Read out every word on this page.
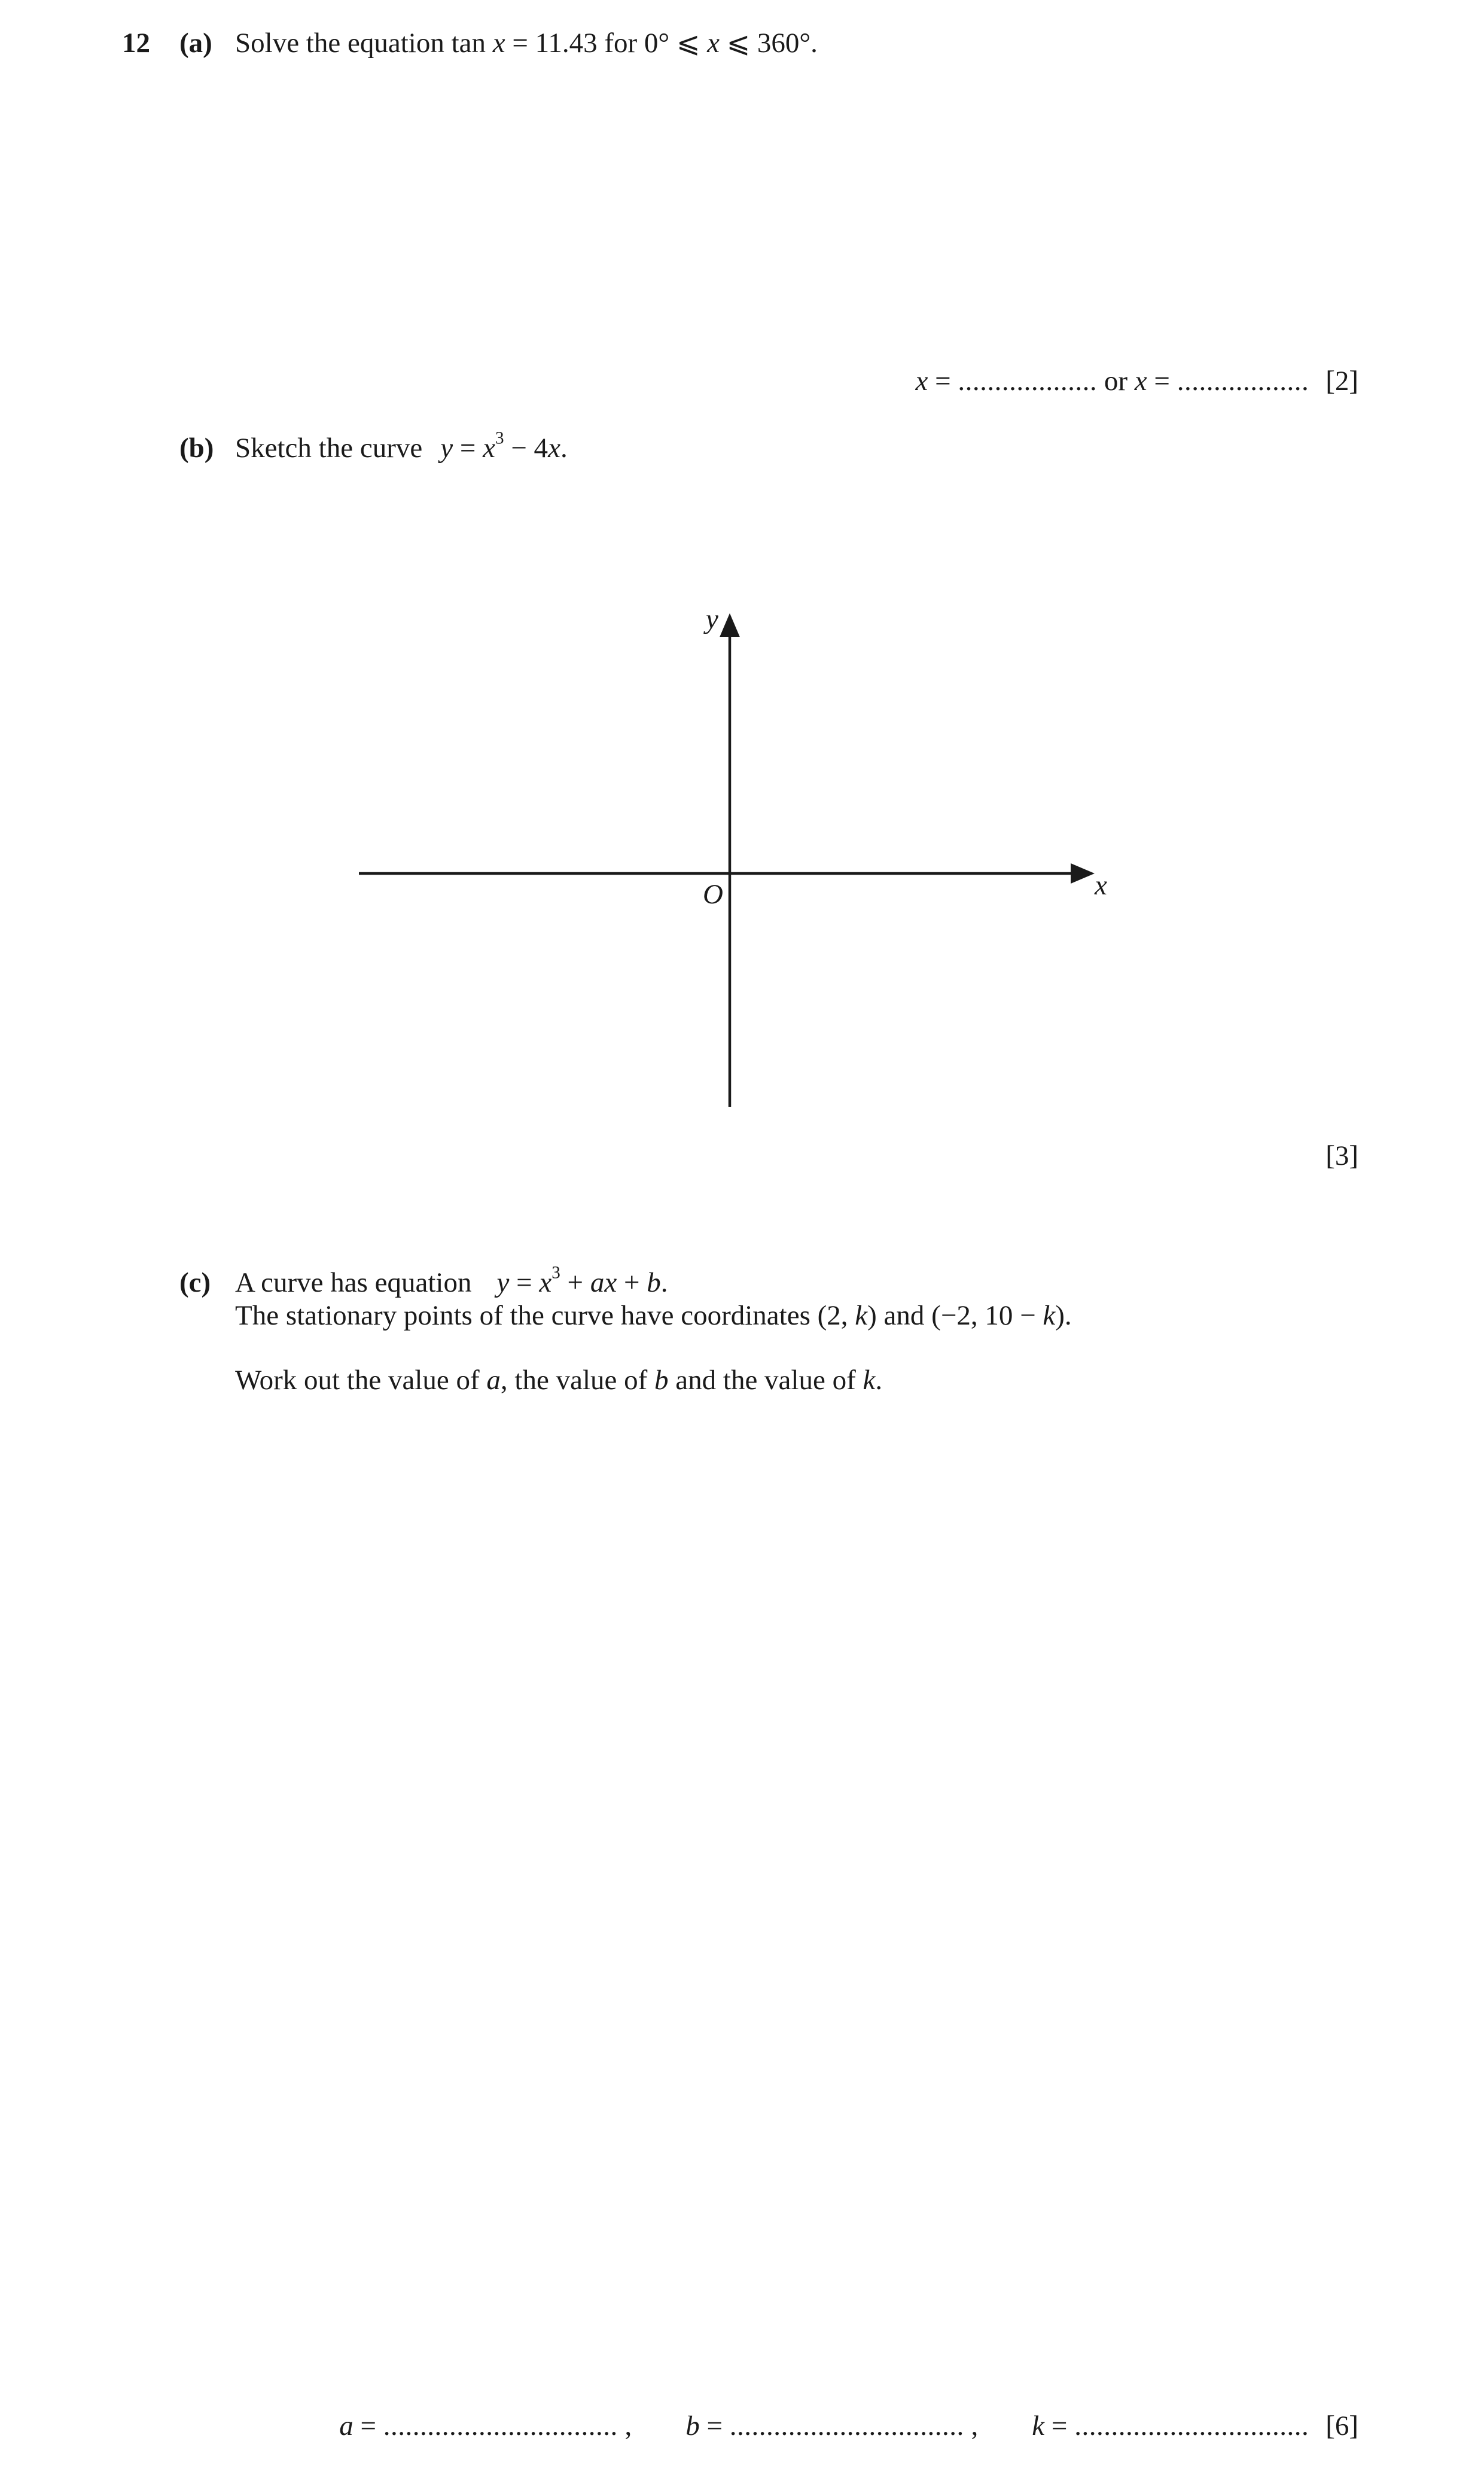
12 (a) Solve the equation tan x = 11.43 for 0° ⩽ x ⩽ 360°.
x = ................... or x = .................. [2]
(b) Sketch the curve $y = x^3 - 4x$.
y
x
O
[3]
(c) A curve has equation $y = x^3$ + ax + b.
The stationary points of the curve have coordinates (2, k) and (−2, 10 − k).
Work out the value of a, the value of b and the value of k.
a = ................................ , b = ................................ , k = ................................ [6]
